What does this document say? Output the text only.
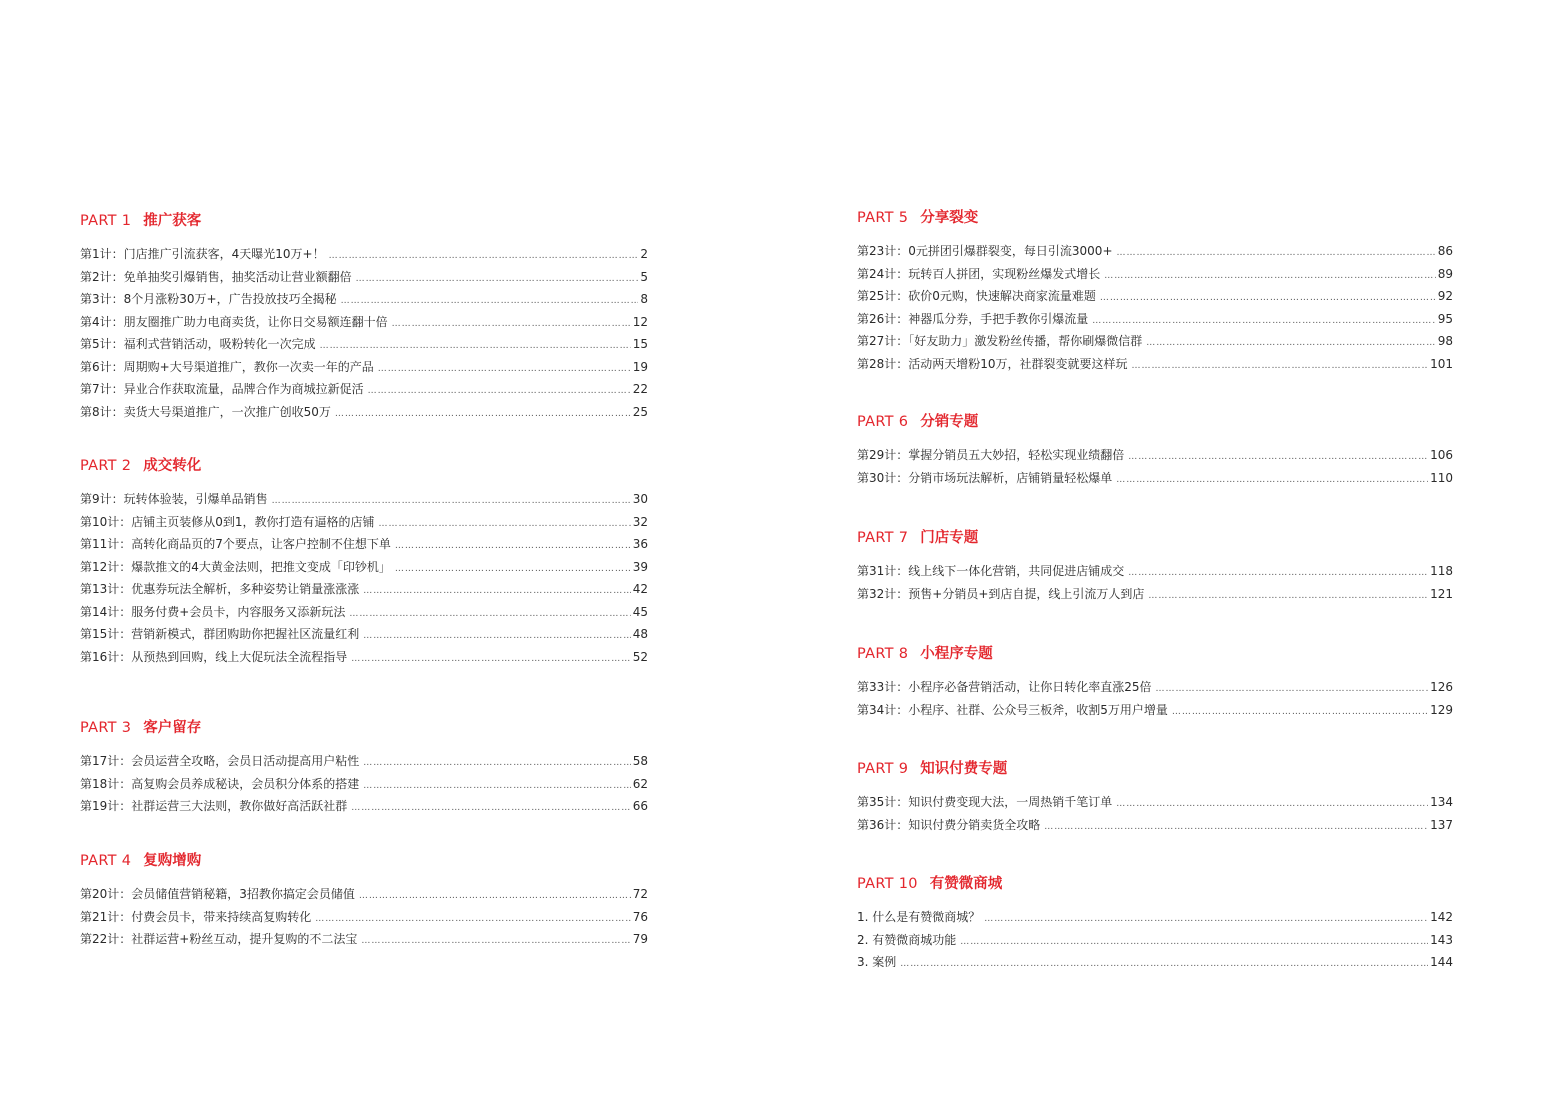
PART 1 推广获客
第1计：门店推广引流获客，4天曝光10万+！ …………………………………………………………………………………………………………………………………………………………………………………………………………………	2
第2计：免单抽奖引爆销售，抽奖活动让营业额翻倍 …………………………………………………………………………………………………………………………………………………………………………………………………………………	5
第3计：8个月涨粉30万+，广告投放技巧全揭秘 …………………………………………………………………………………………………………………………………………………………………………………………………………………	8
第4计：朋友圈推广助力电商卖货，让你日交易额连翻十倍 …………………………………………………………………………………………………………………………………………………………………………………………………………………	12
第5计：福利式营销活动，吸粉转化一次完成 …………………………………………………………………………………………………………………………………………………………………………………………………………………	15
第6计：周期购+大号渠道推广，教你一次卖一年的产品 …………………………………………………………………………………………………………………………………………………………………………………………………………………	19
第7计：异业合作获取流量，品牌合作为商城拉新促活 …………………………………………………………………………………………………………………………………………………………………………………………………………………	22
第8计：卖货大号渠道推广，一次推广创收50万 …………………………………………………………………………………………………………………………………………………………………………………………………………………	25
PART 2 成交转化
第9计：玩转体验装，引爆单品销售 …………………………………………………………………………………………………………………………………………………………………………………………………………………	30
第10计：店铺主页装修从0到1，教你打造有逼格的店铺 …………………………………………………………………………………………………………………………………………………………………………………………………………………	32
第11计：高转化商品页的7个要点，让客户控制不住想下单 …………………………………………………………………………………………………………………………………………………………………………………………………………………	36
第12计：爆款推文的4大黄金法则，把推文变成「印钞机」 …………………………………………………………………………………………………………………………………………………………………………………………………………………	39
第13计：优惠券玩法全解析，多种姿势让销量涨涨涨 …………………………………………………………………………………………………………………………………………………………………………………………………………………	42
第14计：服务付费+会员卡，内容服务又添新玩法 …………………………………………………………………………………………………………………………………………………………………………………………………………………	45
第15计：营销新模式，群团购助你把握社区流量红利 …………………………………………………………………………………………………………………………………………………………………………………………………………………	48
第16计：从预热到回购，线上大促玩法全流程指导 …………………………………………………………………………………………………………………………………………………………………………………………………………………	52
PART 3 客户留存
第17计：会员运营全攻略，会员日活动提高用户粘性 …………………………………………………………………………………………………………………………………………………………………………………………………………………	58
第18计：高复购会员养成秘诀，会员积分体系的搭建 …………………………………………………………………………………………………………………………………………………………………………………………………………………	62
第19计：社群运营三大法则，教你做好高活跃社群 …………………………………………………………………………………………………………………………………………………………………………………………………………………	66
PART 4 复购增购
第20计：会员储值营销秘籍，3招教你搞定会员储值 …………………………………………………………………………………………………………………………………………………………………………………………………………………	72
第21计：付费会员卡，带来持续高复购转化 …………………………………………………………………………………………………………………………………………………………………………………………………………………	76
第22计：社群运营+粉丝互动，提升复购的不二法宝 …………………………………………………………………………………………………………………………………………………………………………………………………………………	79
PART 5 分享裂变
第23计：0元拼团引爆群裂变，每日引流3000+ …………………………………………………………………………………………………………………………………………………………………………………………………………………	86
第24计：玩转百人拼团，实现粉丝爆发式增长 …………………………………………………………………………………………………………………………………………………………………………………………………………………	89
第25计：砍价0元购，快速解决商家流量难题 …………………………………………………………………………………………………………………………………………………………………………………………………………………	92
第26计：神器瓜分券，手把手教你引爆流量 …………………………………………………………………………………………………………………………………………………………………………………………………………………	95
第27计：「好友助力」激发粉丝传播，帮你刷爆微信群 …………………………………………………………………………………………………………………………………………………………………………………………………………………	98
第28计：活动两天增粉10万，社群裂变就要这样玩 …………………………………………………………………………………………………………………………………………………………………………………………………………………	101
PART 6 分销专题
第29计：掌握分销员五大妙招，轻松实现业绩翻倍 …………………………………………………………………………………………………………………………………………………………………………………………………………………	106
第30计：分销市场玩法解析，店铺销量轻松爆单 …………………………………………………………………………………………………………………………………………………………………………………………………………………	110
PART 7 门店专题
第31计：线上线下一体化营销，共同促进店铺成交 …………………………………………………………………………………………………………………………………………………………………………………………………………………	118
第32计：预售+分销员+到店自提，线上引流万人到店 …………………………………………………………………………………………………………………………………………………………………………………………………………………	121
PART 8 小程序专题
第33计：小程序必备营销活动，让你日转化率直涨25倍 …………………………………………………………………………………………………………………………………………………………………………………………………………………	126
第34计：小程序、社群、公众号三板斧，收割5万用户增量 …………………………………………………………………………………………………………………………………………………………………………………………………………………	129
PART 9 知识付费专题
第35计：知识付费变现大法，一周热销千笔订单 …………………………………………………………………………………………………………………………………………………………………………………………………………………	134
第36计：知识付费分销卖货全攻略 …………………………………………………………………………………………………………………………………………………………………………………………………………………	137
PART 10 有赞微商城
1. 什么是有赞微商城？ …………………………………………………………………………………………………………………………………………………………………………………………………………………	142
2. 有赞微商城功能 …………………………………………………………………………………………………………………………………………………………………………………………………………………	143
3. 案例 …………………………………………………………………………………………………………………………………………………………………………………………………………………	144
